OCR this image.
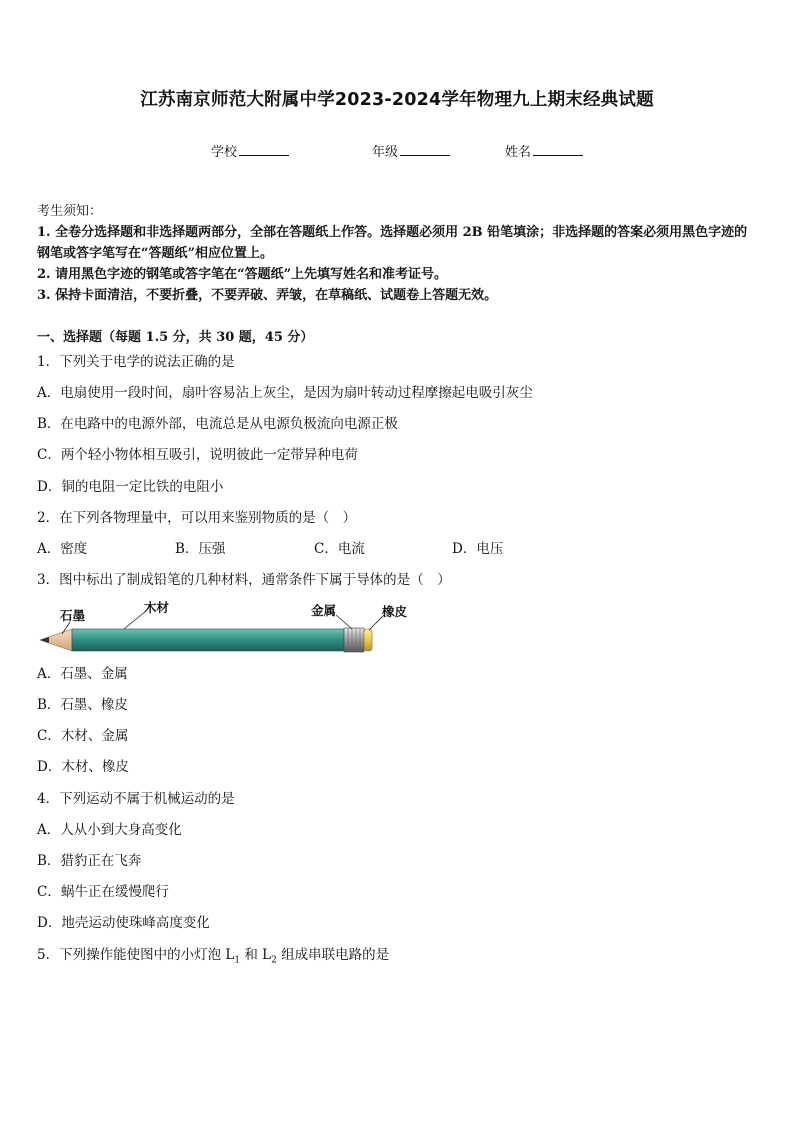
江苏南京师范大附属中学2023-2024学年物理九上期末经典试题
学校	年级	姓名
考生须知：
1. 全卷分选择题和非选择题两部分，全部在答题纸上作答。选择题必须用 2B 铅笔填涂；非选择题的答案必须用黑色字迹的钢笔或答字笔写在“答题纸”相应位置上。
2. 请用黑色字迹的钢笔或答字笔在“答题纸”上先填写姓名和准考证号。
3. 保持卡面清洁，不要折叠，不要弄破、弄皱，在草稿纸、试题卷上答题无效。
一、选择题（每题 1.5 分，共 30 题，45 分）
1．下列关于电学的说法正确的是
A．电扇使用一段时间，扇叶容易沾上灰尘，是因为扇叶转动过程摩擦起电吸引灰尘
B．在电路中的电源外部，电流总是从电源负极流向电源正极
C．两个轻小物体相互吸引，说明彼此一定带异种电荷
D．铜的电阻一定比铁的电阻小
2．在下列各物理量中，可以用来鉴别物质的是（　）
A．密度	B．压强	C．电流	D．电压
3．图中标出了制成铅笔的几种材料，通常条件下属于导体的是（　）
石墨
木材	金属	橡皮
A．石墨、金属
B．石墨、橡皮
C．木材、金属
D．木材、橡皮
4．下列运动不属于机械运动的是
A．人从小到大身高变化
B．猎豹正在飞奔
C．蜗牛正在缓慢爬行
D．地壳运动使珠峰高度变化
5．下列操作能使图中的小灯泡 $L_1$ 和 $L_2$ 组成串联电路的是
